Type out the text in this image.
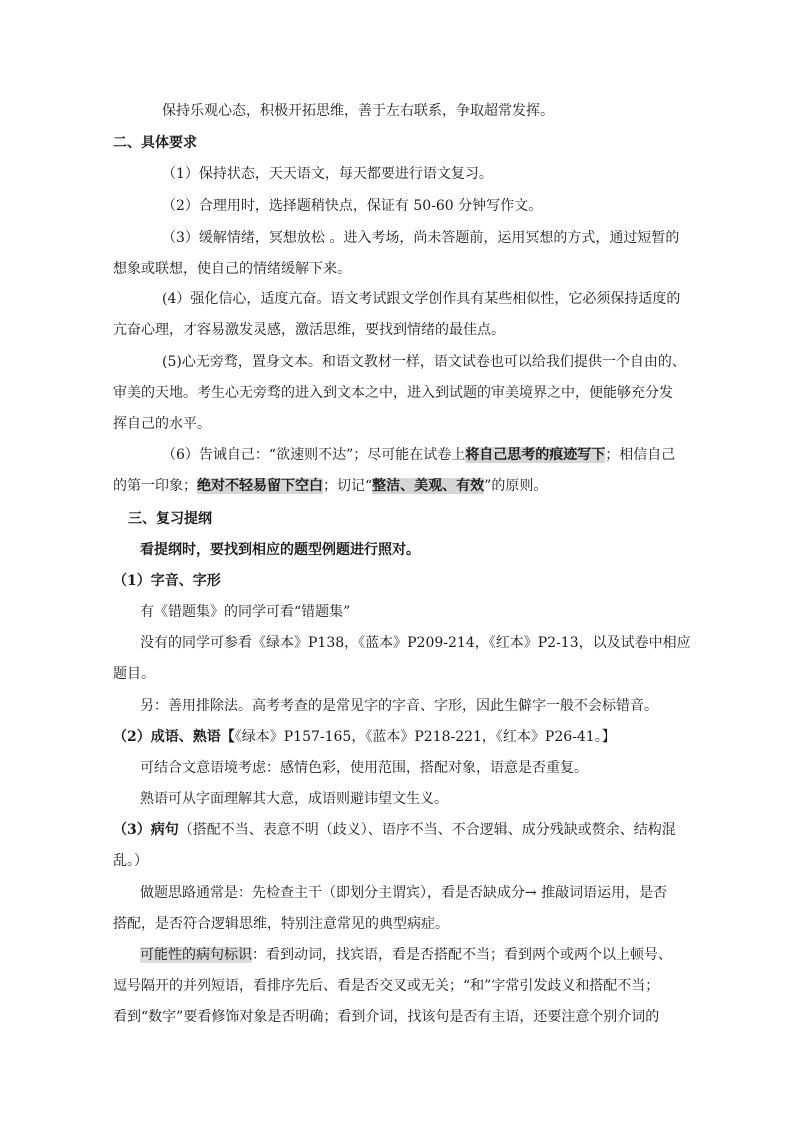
保持乐观心态，积极开拓思维，善于左右联系，争取超常发挥。
二、具体要求
（1）保持状态，天天语文，每天都要进行语文复习。
（2）合理用时，选择题稍快点，保证有 50-60 分钟写作文。
（3）缓解情绪，冥想放松 。进入考场，尚未答题前，运用冥想的方式，通过短暂的
想象或联想，使自己的情绪缓解下来。
(4）强化信心，适度亢奋。语文考试跟文学创作具有某些相似性，它必须保持适度的
亢奋心理，才容易激发灵感，激活思维，要找到情绪的最佳点。
(5)心无旁骛，置身文本。和语文教材一样，语文试卷也可以给我们提供一个自由的、
审美的天地。考生心无旁骛的进入到文本之中，进入到试题的审美境界之中，便能够充分发
挥自己的水平。
（6）告诫自己：“欲速则不达”；尽可能在试卷上将自己思考的痕迹写下；相信自己
的第一印象；绝对不轻易留下空白；切记“整洁、美观、有效”的原则。
三、复习提纲
看提纲时，要找到相应的题型例题进行照对。
（1）字音、字形
有《错题集》的同学可看“错题集”
没有的同学可参看《绿本》P138，《蓝本》P209-214，《红本》P2-13，以及试卷中相应
题目。
另：善用排除法。高考考查的是常见字的字音、字形，因此生僻字一般不会标错音。
（2）成语、熟语【《绿本》P157-165，《蓝本》P218-221，《红本》P26-41。】
可结合文意语境考虑：感情色彩，使用范围，搭配对象，语意是否重复。
熟语可从字面理解其大意，成语则避讳望文生义。
（3）病句（搭配不当、表意不明（歧义）、语序不当、不合逻辑、成分残缺或赘余、结构混
乱。）
做题思路通常是：先检查主干（即划分主谓宾），看是否缺成分→ 推敲词语运用，是否
搭配，是否符合逻辑思维，特别注意常见的典型病症。
可能性的病句标识：看到动词，找宾语，看是否搭配不当；看到两个或两个以上顿号、
逗号隔开的并列短语，看排序先后、看是否交叉或无关；“和”字常引发歧义和搭配不当；
看到“数字”要看修饰对象是否明确；看到介词，找该句是否有主语，还要注意个别介词的
